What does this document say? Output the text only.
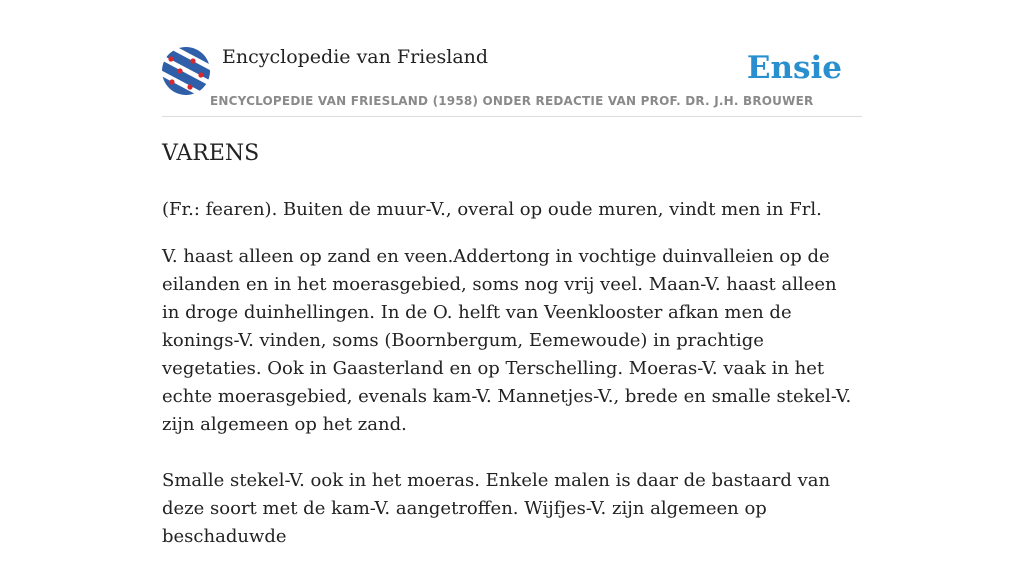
Encyclopedie van Friesland
ENCYCLOPEDIE VAN FRIESLAND (1958) ONDER REDACTIE VAN PROF. DR. J.H. BROUWER
Ensie
VARENS

(Fr.: fearen). Buiten de muur-V., overal op oude muren, vindt men in Frl.

V. haast alleen op zand en veen.Addertong in vochtige duinvalleien op de eilanden en in het moerasgebied, soms nog vrij veel. Maan-V. haast alleen in droge duinhellingen. In de O. helft van Veenklooster afkan men de konings-V. vinden, soms (Boornbergum, Eemewoude) in prachtige vegetaties. Ook in Gaasterland en op Terschelling. Moeras-V. vaak in het echte moerasgebied, evenals kam-V. Mannetjes-V., brede en smalle stekel-V. zijn algemeen op het zand.

Smalle stekel-V. ook in het moeras. Enkele malen is daar de bastaard van deze soort met de kam-V. aangetroffen. Wijfjes-V. zijn algemeen op beschaduwde
